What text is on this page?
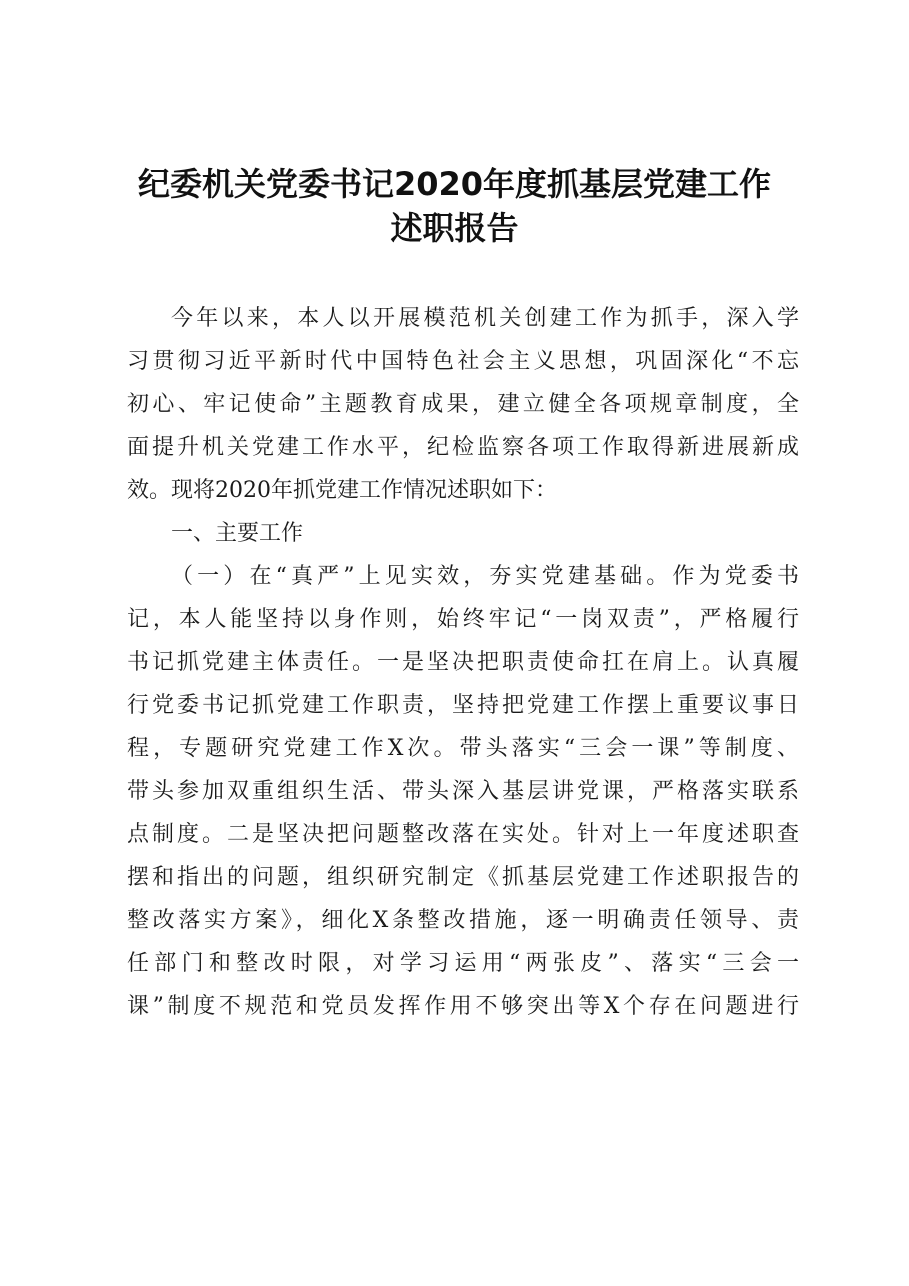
纪委机关党委书记2020年度抓基层党建工作
述职报告
今年以来，本人以开展模范机关创建工作为抓手，深入学
习贯彻习近平新时代中国特色社会主义思想，巩固深化“不忘
初心、牢记使命”主题教育成果，建立健全各项规章制度，全
面提升机关党建工作水平，纪检监察各项工作取得新进展新成
效。现将2020年抓党建工作情况述职如下：
一、主要工作
（一）在“真严”上见实效，夯实党建基础。作为党委书
记，本人能坚持以身作则，始终牢记“一岗双责”，严格履行
书记抓党建主体责任。一是坚决把职责使命扛在肩上。认真履
行党委书记抓党建工作职责，坚持把党建工作摆上重要议事日
程，专题研究党建工作X次。带头落实“三会一课”等制度、
带头参加双重组织生活、带头深入基层讲党课，严格落实联系
点制度。二是坚决把问题整改落在实处。针对上一年度述职查
摆和指出的问题，组织研究制定《抓基层党建工作述职报告的
整改落实方案》，细化X条整改措施，逐一明确责任领导、责
任部门和整改时限，对学习运用“两张皮”、落实“三会一
课”制度不规范和党员发挥作用不够突出等X个存在问题进行
